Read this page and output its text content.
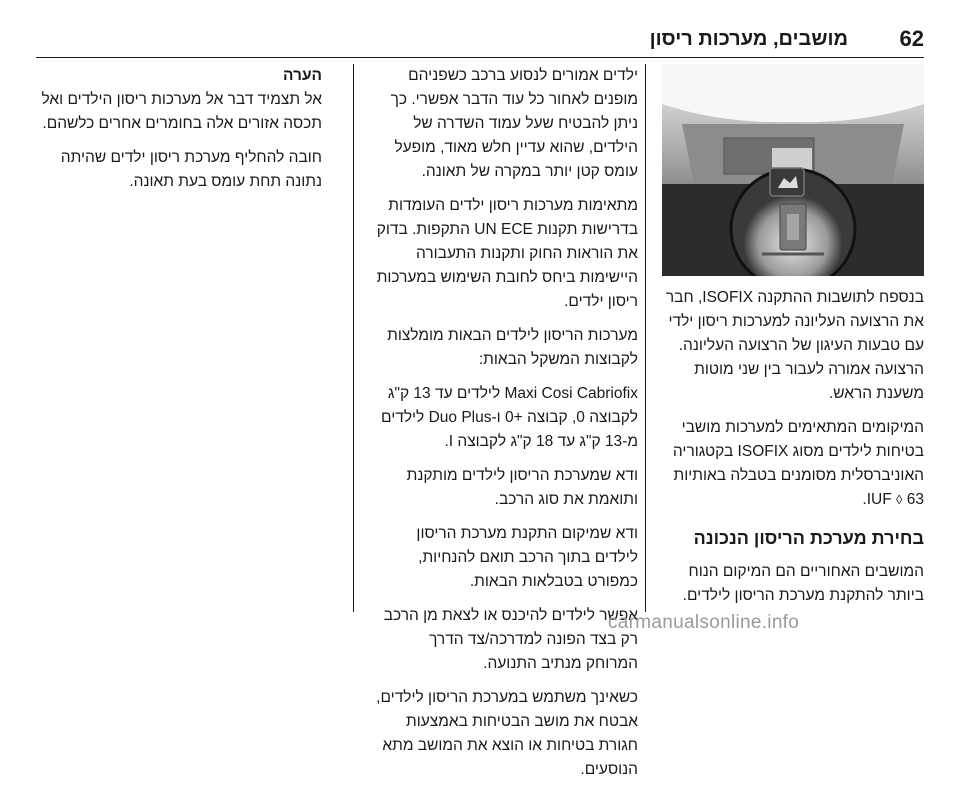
62
מושבים, מערכות ריסון

בנספח לתושבות ההתקנה ISOFIX, חבר את הרצועה העליונה למערכות ריסון ילדי עם טבעות העיגון של הרצועה העליונה. הרצועה אמורה לעבור בין שני מוטות משענת הראש.

המיקומים המתאימים למערכות מושבי בטיחות לילדים מסוג ISOFIX בקטגוריה האוניברסלית מסומנים בטבלה באותיות IUF ◊ 63.

בחירת מערכת הריסון הנכונה

המושבים האחוריים הם המיקום הנוח ביותר להתקנת מערכת הריסון לילדים.

ילדים אמורים לנסוע ברכב כשפניהם מופנים לאחור כל עוד הדבר אפשרי. כך ניתן להבטיח שעל עמוד השדרה של הילדים, שהוא עדיין חלש מאוד, מופעל עומס קטן יותר במקרה של תאונה.

מתאימות מערכות ריסון ילדים העומדות בדרישות תקנות UN ECE התקפות. בדוק את הוראות החוק ותקנות התעבורה היישימות ביחס לחובת השימוש במערכות ריסון ילדים.

מערכות הריסון לילדים הבאות מומלצות לקבוצות המשקל הבאות:

Maxi Cosi Cabriofix לילדים עד 13 ק"ג לקבוצה 0, קבוצה +0 ו-Duo Plus לילדים מ-13 ק"ג עד 18 ק"ג לקבוצה I.

ודא שמערכת הריסון לילדים מותקנת ותואמת את סוג הרכב.

ודא שמיקום התקנת מערכת הריסון לילדים בתוך הרכב תואם להנחיות, כמפורט בטבלאות הבאות.

אפשר לילדים להיכנס או לצאת מן הרכב רק בצד הפונה למדרכה/צד הדרך המרוחק מנתיב התנועה.

כשאינך משתמש במערכת הריסון לילדים, אבטח את מושב הבטיחות באמצעות חגורת בטיחות או הוצא את המושב מתא הנוסעים.

הערה

אל תצמיד דבר אל מערכות ריסון הילדים ואל תכסה אזורים אלה בחומרים אחרים כלשהם.

חובה להחליף מערכת ריסון ילדים שהיתה נתונה תחת עומס בעת תאונה.

carmanualsonline.info
